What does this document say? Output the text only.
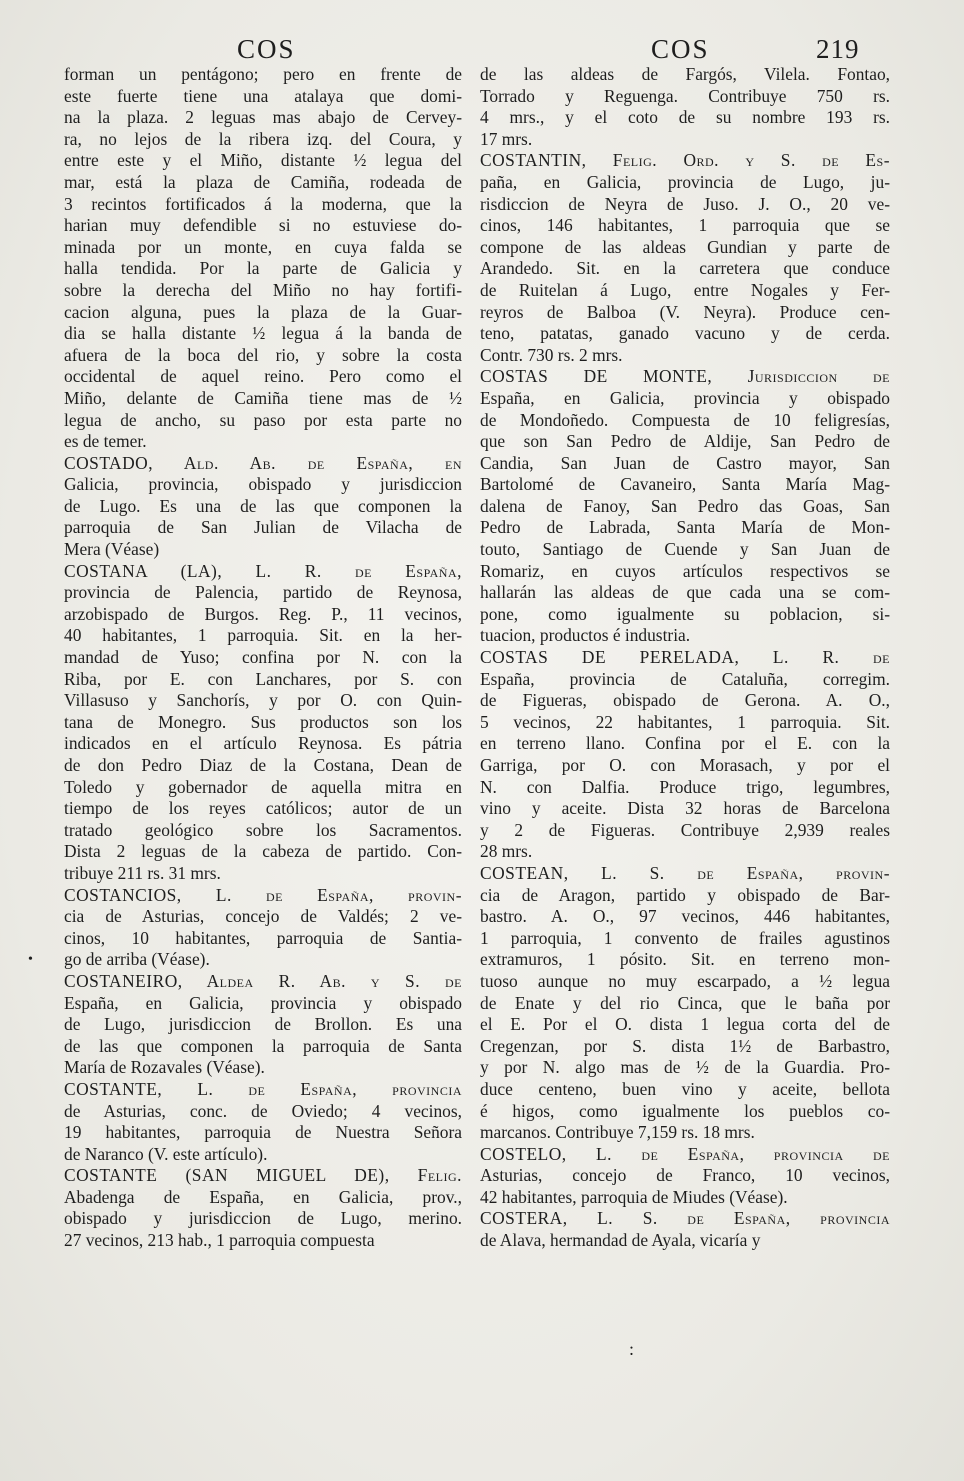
COS	COS	219
forman un pentágono; pero en frente de
este fuerte tiene una atalaya que domi-
na la plaza. 2 leguas mas abajo de Cervey-
ra, no lejos de la ribera izq. del Coura, y
entre este y el Miño, distante ½ legua del
mar, está la plaza de Camiña, rodeada de
3 recintos fortificados á la moderna, que la
harian muy defendible si no estuviese do-
minada por un monte, en cuya falda se
halla tendida. Por la parte de Galicia y
sobre la derecha del Miño no hay fortifi-
cacion alguna, pues la plaza de la Guar-
dia se halla distante ½ legua á la banda de
afuera de la boca del rio, y sobre la costa
occidental de aquel reino. Pero como el
Miño, delante de Camiña tiene mas de ½
legua de ancho, su paso por esta parte no
es de temer.
COSTADO, Ald. Ab. de España, en
Galicia, provincia, obispado y jurisdiccion
de Lugo. Es una de las que componen la
parroquia de San Julian de Vilacha de
Mera (Véase)
COSTANA (LA), L. R. de España,
provincia de Palencia, partido de Reynosa,
arzobispado de Burgos. Reg. P., 11 vecinos,
40 habitantes, 1 parroquia. Sit. en la her-
mandad de Yuso; confina por N. con la
Riba, por E. con Lanchares, por S. con
Villasuso y Sanchorís, y por O. con Quin-
tana de Monegro. Sus productos son los
indicados en el artículo Reynosa. Es pátria
de don Pedro Diaz de la Costana, Dean de
Toledo y gobernador de aquella mitra en
tiempo de los reyes católicos; autor de un
tratado geológico sobre los Sacramentos.
Dista 2 leguas de la cabeza de partido. Con-
tribuye 211 rs. 31 mrs.
COSTANCIOS, L. de España, provin-
cia de Asturias, concejo de Valdés; 2 ve-
cinos, 10 habitantes, parroquia de Santia-
go de arriba (Véase).
COSTANEIRO, Aldea R. Ab. y S. de
España, en Galicia, provincia y obispado
de Lugo, jurisdiccion de Brollon. Es una
de las que componen la parroquia de Santa
María de Rozavales (Véase).
COSTANTE, L. de España, provincia
de Asturias, conc. de Oviedo; 4 vecinos,
19 habitantes, parroquia de Nuestra Señora
de Naranco (V. este artículo).
COSTANTE (SAN MIGUEL DE), Felig.
Abadenga de España, en Galicia, prov.,
obispado y jurisdiccion de Lugo, merino.
27 vecinos, 213 hab., 1 parroquia compuesta
de las aldeas de Fargós, Vilela. Fontao,
Torrado y Reguenga. Contribuye 750 rs.
4 mrs., y el coto de su nombre 193 rs.
17 mrs.
COSTANTIN, Felig. Ord. y S. de Es-
paña, en Galicia, provincia de Lugo, ju-
risdiccion de Neyra de Juso. J. O., 20 ve-
cinos, 146 habitantes, 1 parroquia que se
compone de las aldeas Gundian y parte de
Arandedo. Sit. en la carretera que conduce
de Ruitelan á Lugo, entre Nogales y Fer-
reyros de Balboa (V. Neyra). Produce cen-
teno, patatas, ganado vacuno y de cerda.
Contr. 730 rs. 2 mrs.
COSTAS DE MONTE, Jurisdiccion de
España, en Galicia, provincia y obispado
de Mondoñedo. Compuesta de 10 feligresías,
que son San Pedro de Aldije, San Pedro de
Candia, San Juan de Castro mayor, San
Bartolomé de Cavaneiro, Santa María Mag-
dalena de Fanoy, San Pedro das Goas, San
Pedro de Labrada, Santa María de Mon-
touto, Santiago de Cuende y San Juan de
Romariz, en cuyos artículos respectivos se
hallarán las aldeas de que cada una se com-
pone, como igualmente su poblacion, si-
tuacion, productos é industria.
COSTAS DE PERELADA, L. R. de
España, provincia de Cataluña, corregim.
de Figueras, obispado de Gerona. A. O.,
5 vecinos, 22 habitantes, 1 parroquia. Sit.
en terreno llano. Confina por el E. con la
Garriga, por O. con Morasach, y por el
N. con Dalfia. Produce trigo, legumbres,
vino y aceite. Dista 32 horas de Barcelona
y 2 de Figueras. Contribuye 2,939 reales
28 mrs.
COSTEAN, L. S. de España, provin-
cia de Aragon, partido y obispado de Bar-
bastro. A. O., 97 vecinos, 446 habitantes,
1 parroquia, 1 convento de frailes agustinos
extramuros, 1 pósito. Sit. en terreno mon-
tuoso aunque no muy escarpado, a ½ legua
de Enate y del rio Cinca, que le baña por
el E. Por el O. dista 1 legua corta del de
Cregenzan, por S. dista 1½ de Barbastro,
y por N. algo mas de ½ de la Guardia. Pro-
duce centeno, buen vino y aceite, bellota
é higos, como igualmente los pueblos co-
marcanos. Contribuye 7,159 rs. 18 mrs.
COSTELO, L. de España, provincia de
Asturias, concejo de Franco, 10 vecinos,
42 habitantes, parroquia de Miudes (Véase).
COSTERA, L. S. de España, provincia
de Alava, hermandad de Ayala, vicaría y
•
:
